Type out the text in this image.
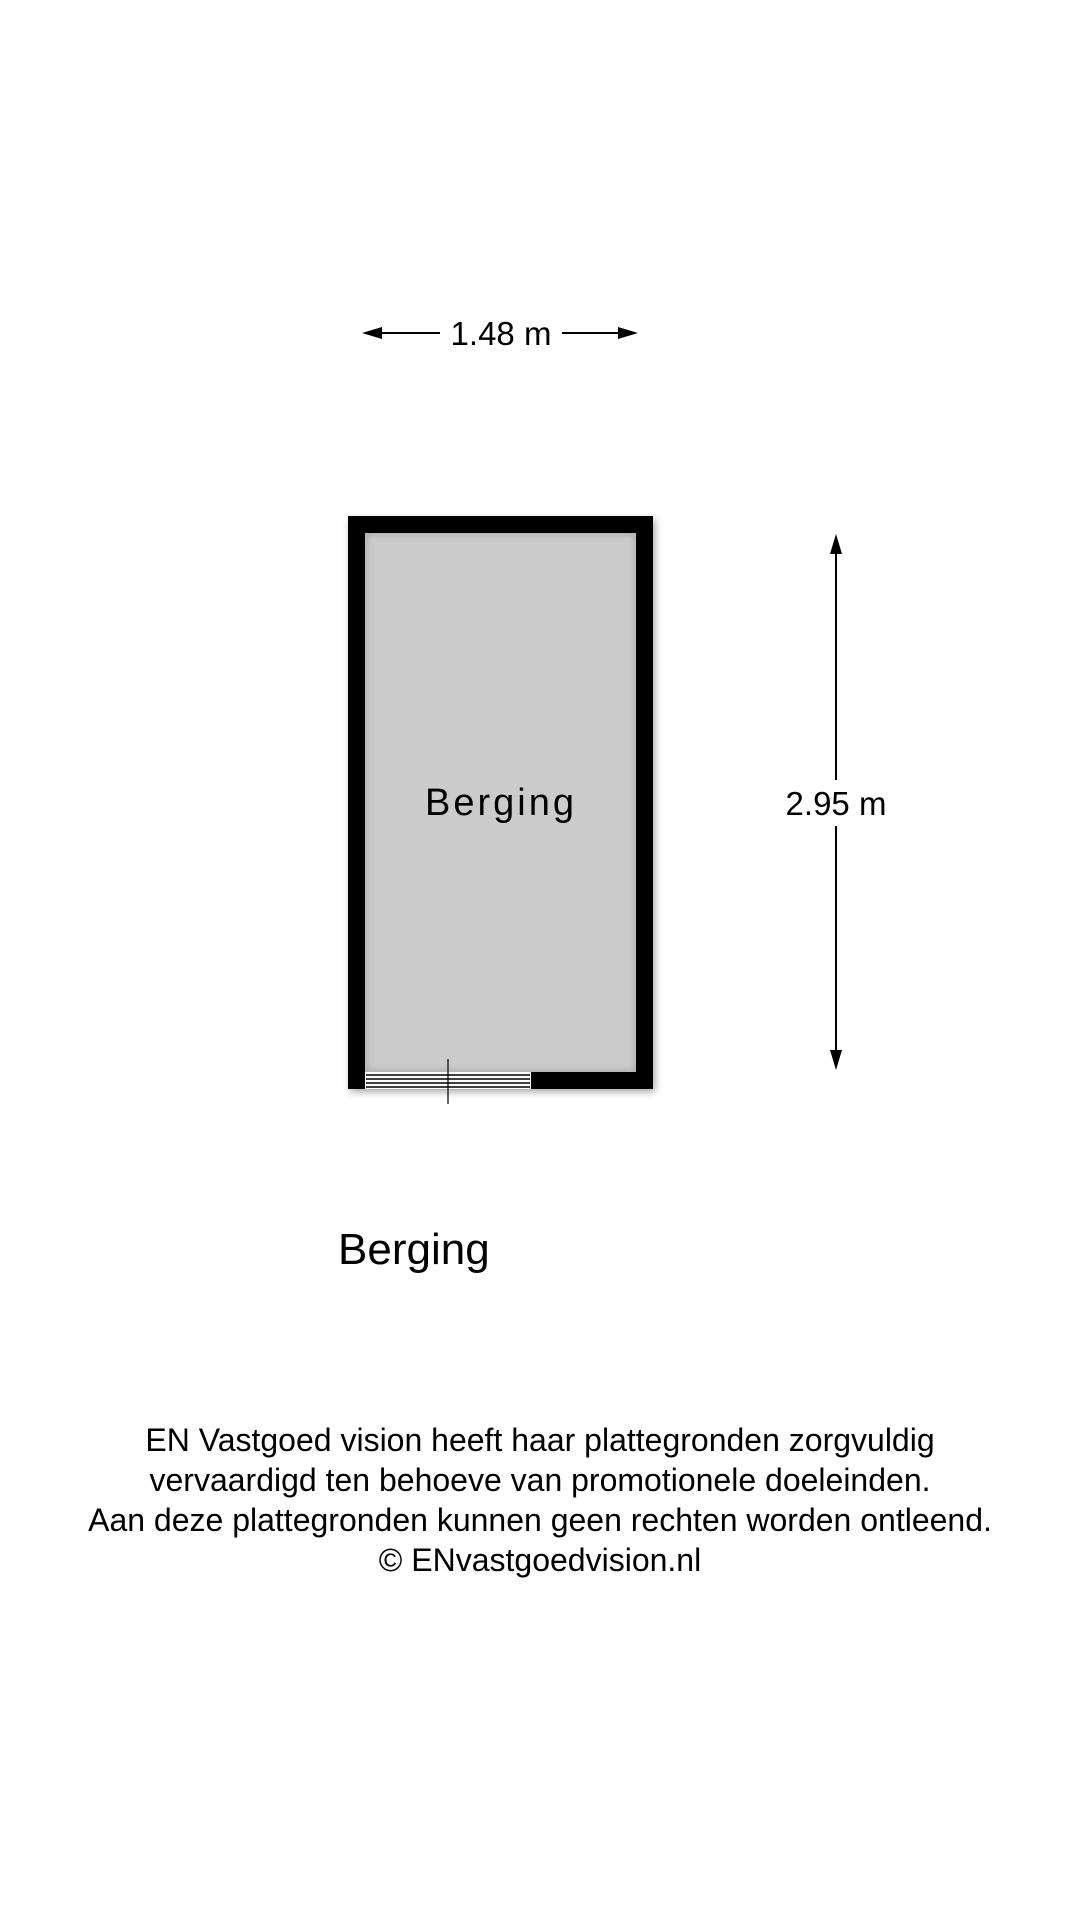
1.48 m
2.95 m
Berging
Berging

EN Vastgoed vision heeft haar plattegronden zorgvuldig

vervaardigd ten behoeve van promotionele doeleinden.

Aan deze plattegronden kunnen geen rechten worden ontleend.

© ENvastgoedvision.nl
